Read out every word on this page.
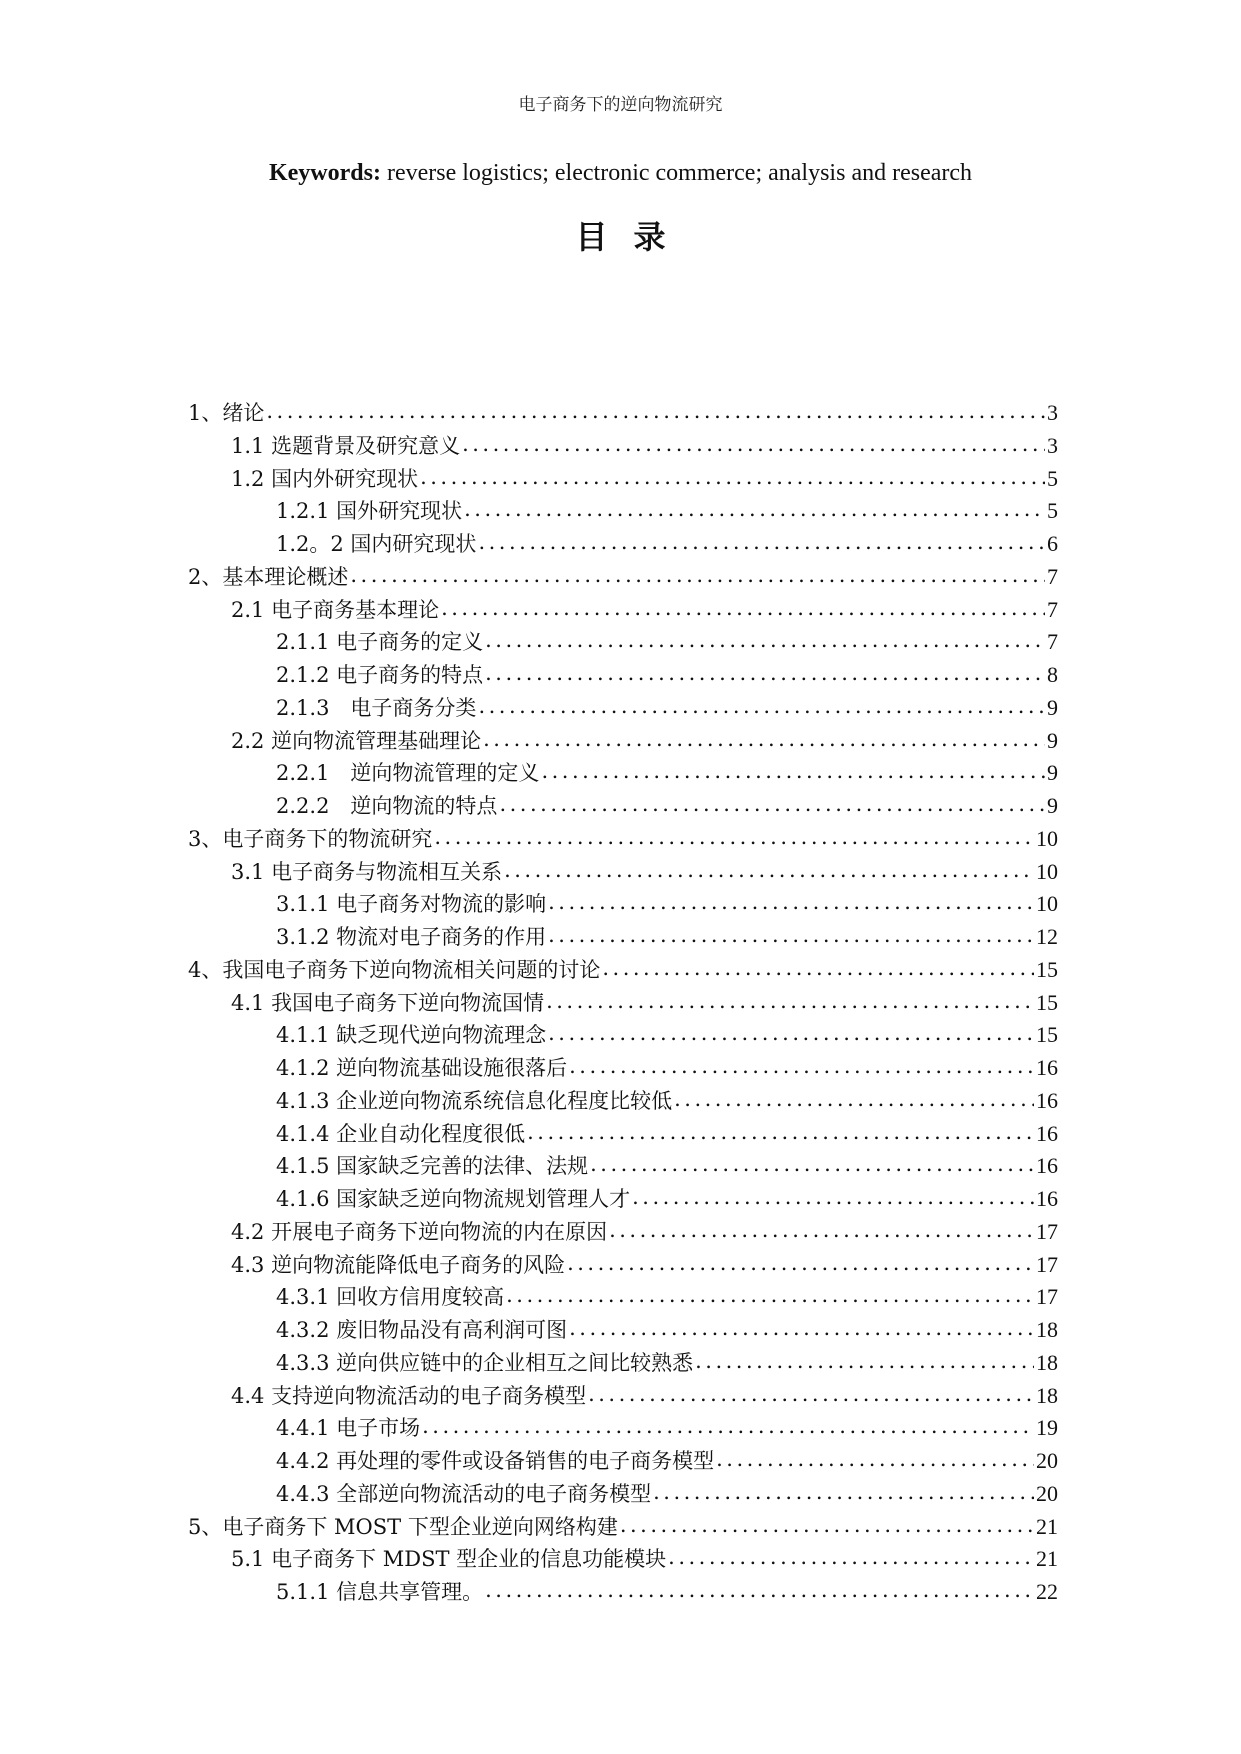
电子商务下的逆向物流研究
Keywords: reverse logistics; electronic commerce; analysis and research
目录
1、绪论 .....	3
1.1 选题背景及研究意义 .....	3
1.2 国内外研究现状 .....	5
1.2.1 国外研究现状 .....	5
1.2。2 国内研究现状 .....	6
2、基本理论概述 .....	7
2.1 电子商务基本理论 .....	7
2.1.1 电子商务的定义 .....	7
2.1.2 电子商务的特点 .....	8
2.1.3　电子商务分类 .....	9
2.2 逆向物流管理基础理论 .....	9
2.2.1　逆向物流管理的定义 .....	9
2.2.2　逆向物流的特点 .....	9
3、电子商务下的物流研究 .....	10
3.1 电子商务与物流相互关系 .....	10
3.1.1 电子商务对物流的影响 .....	10
3.1.2 物流对电子商务的作用 .....	12
4、我国电子商务下逆向物流相关问题的讨论 .....	15
4.1 我国电子商务下逆向物流国情 .....	15
4.1.1 缺乏现代逆向物流理念 .....	15
4.1.2 逆向物流基础设施很落后 .....	16
4.1.3 企业逆向物流系统信息化程度比较低 .....	16
4.1.4 企业自动化程度很低 .....	16
4.1.5 国家缺乏完善的法律、法规 .....	16
4.1.6 国家缺乏逆向物流规划管理人才 .....	16
4.2 开展电子商务下逆向物流的内在原因 .....	17
4.3 逆向物流能降低电子商务的风险 .....	17
4.3.1 回收方信用度较高 .....	17
4.3.2 废旧物品没有高利润可图 .....	18
4.3.3 逆向供应链中的企业相互之间比较熟悉 .....	18
4.4 支持逆向物流活动的电子商务模型 .....	18
4.4.1 电子市场 .....	19
4.4.2 再处理的零件或设备销售的电子商务模型 .....	20
4.4.3 全部逆向物流活动的电子商务模型 .....	20
5、电子商务下 MOST 下型企业逆向网络构建 .....	21
5.1 电子商务下 MDST 型企业的信息功能模块 .....	21
5.1.1 信息共享管理。 .....	22
